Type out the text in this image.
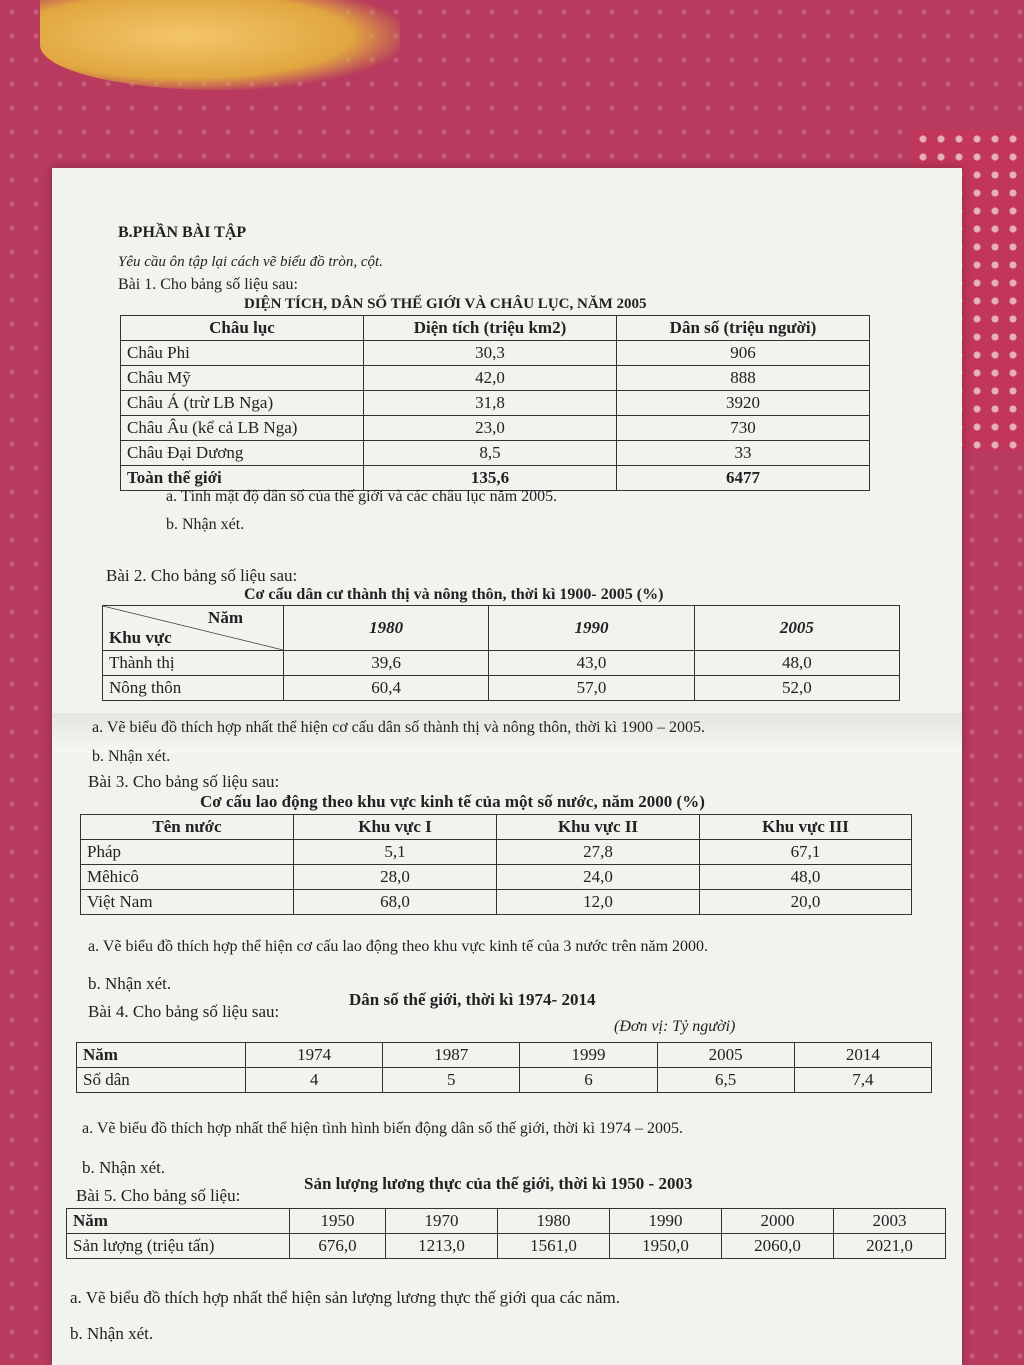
B.PHẦN BÀI TẬP
Yêu cầu ôn tập lại cách vẽ biểu đồ tròn, cột.
Bài 1. Cho bảng số liệu sau:
DIỆN TÍCH, DÂN SỐ THẾ GIỚI VÀ CHÂU LỤC, NĂM 2005
Châu lục	Diện tích (triệu km2)	Dân số (triệu người)
Châu Phi	30,3	906
Châu Mỹ	42,0	888
Châu Á (trừ LB Nga)	31,8	3920
Châu Âu (kể cả LB Nga)	23,0	730
Châu Đại Dương	8,5	33
Toàn thế giới	135,6	6477
a. Tính mật độ dân số của thế giới và các châu lục năm 2005.
b. Nhận xét.
Bài 2. Cho bảng số liệu sau:
Cơ cấu dân cư thành thị và nông thôn, thời kì 1900- 2005 (%)
Năm
Khu vực	1980	1990	2005
Thành thị	39,6	43,0	48,0
Nông thôn	60,4	57,0	52,0
a. Vẽ biểu đồ thích hợp nhất thể hiện cơ cấu dân số thành thị và nông thôn, thời kì 1900 – 2005.
b. Nhận xét.
Bài 3. Cho bảng số liệu sau:
Cơ cấu lao động theo khu vực kinh tế của một số nước, năm 2000 (%)
Tên nước	Khu vực I	Khu vực II	Khu vực III
Pháp	5,1	27,8	67,1
Mêhicô	28,0	24,0	48,0
Việt Nam	68,0	12,0	20,0
a. Vẽ biểu đồ thích hợp thể hiện cơ cấu lao động theo khu vực kinh tế của 3 nước trên năm 2000.
b. Nhận xét.
Bài 4. Cho bảng số liệu sau:
Dân số thế giới, thời kì 1974- 2014
(Đơn vị: Tỷ người)
Năm	1974	1987	1999	2005	2014
Số dân	4	5	6	6,5	7,4
a. Vẽ biểu đồ thích hợp nhất thể hiện tình hình biến động dân số thế giới, thời kì 1974 – 2005.
b. Nhận xét.
Bài 5. Cho bảng số liệu:
Sản lượng lương thực của thế giới, thời kì 1950 - 2003
Năm	1950	1970	1980	1990	2000	2003
Sản lượng (triệu tấn)	676,0	1213,0	1561,0	1950,0	2060,0	2021,0
a. Vẽ biểu đồ thích hợp nhất thể hiện sản lượng lương thực thế giới qua các năm.
b. Nhận xét.
